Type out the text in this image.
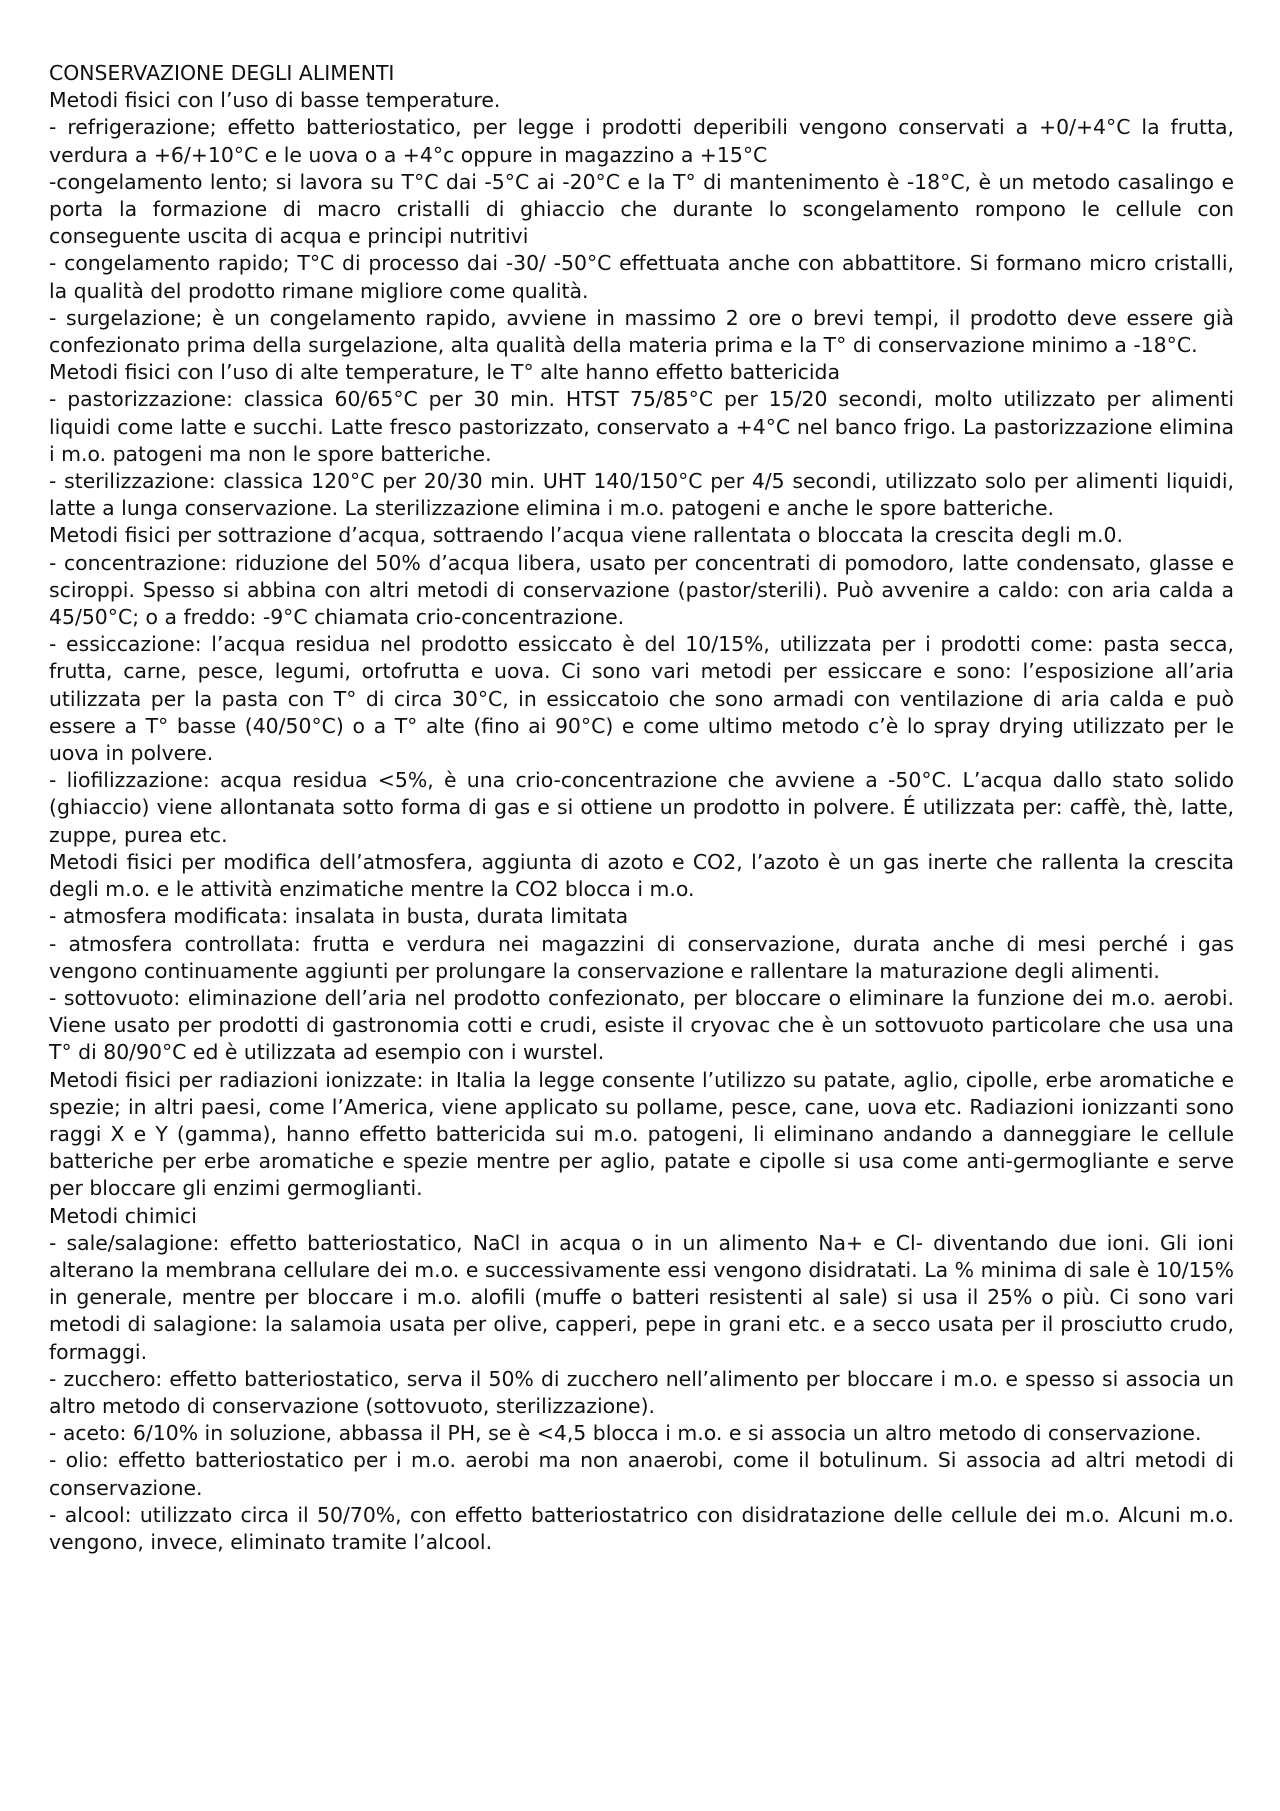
CONSERVAZIONE DEGLI ALIMENTI

Metodi fisici con l’uso di basse temperature.

- refrigerazione; effetto batteriostatico, per legge i prodotti deperibili vengono conservati a +0/+4°C la frutta, verdura a +6/+10°C e le uova o a +4°c oppure in magazzino a +15°C

-congelamento lento; si lavora su T°C dai -5°C ai -20°C e la T° di mantenimento è -18°C, è un metodo casalingo e porta la formazione di macro cristalli di ghiaccio che durante lo scongelamento rompono le cellule con conseguente uscita di acqua e principi nutritivi

- congelamento rapido; T°C di processo dai -30/ -50°C effettuata anche con abbattitore. Si formano micro cristalli, la qualità del prodotto rimane migliore come qualità.

- surgelazione; è un congelamento rapido, avviene in massimo 2 ore o brevi tempi, il prodotto deve essere già confezionato prima della surgelazione, alta qualità della materia prima e la T° di conservazione minimo a -18°C.

Metodi fisici con l’uso di alte temperature, le T° alte hanno effetto battericida

- pastorizzazione: classica 60/65°C per 30 min. HTST 75/85°C per 15/20 secondi, molto utilizzato per alimenti liquidi come latte e succhi. Latte fresco pastorizzato, conservato a +4°C nel banco frigo. La pastorizzazione elimina i m.o. patogeni ma non le spore batteriche.

- sterilizzazione: classica 120°C per 20/30 min. UHT 140/150°C per 4/5 secondi, utilizzato solo per alimenti liquidi, latte a lunga conservazione. La sterilizzazione elimina i m.o. patogeni e anche le spore batteriche.

Metodi fisici per sottrazione d’acqua, sottraendo l’acqua viene rallentata o bloccata la crescita degli m.0.

- concentrazione: riduzione del 50% d’acqua libera, usato per concentrati di pomodoro, latte condensato, glasse e sciroppi. Spesso si abbina con altri metodi di conservazione (pastor/sterili). Può avvenire a caldo: con aria calda a 45/50°C; o a freddo: -9°C chiamata crio-concentrazione.

- essiccazione: l’acqua residua nel prodotto essiccato è del 10/15%, utilizzata per i prodotti come: pasta secca, frutta, carne, pesce, legumi, ortofrutta e uova. Ci sono vari metodi per essiccare e sono: l’esposizione all’aria utilizzata per la pasta con T° di circa 30°C, in essiccatoio che sono armadi con ventilazione di aria calda e può essere a T° basse (40/50°C) o a T° alte (fino ai 90°C) e come ultimo metodo c’è lo spray drying utilizzato per le uova in polvere.

- liofilizzazione: acqua residua <5%, è una crio-concentrazione che avviene a -50°C. L’acqua dallo stato solido (ghiaccio) viene allontanata sotto forma di gas e si ottiene un prodotto in polvere. É utilizzata per: caffè, thè, latte, zuppe, purea etc.

Metodi fisici per modifica dell’atmosfera, aggiunta di azoto e CO2, l’azoto è un gas inerte che rallenta la crescita degli m.o. e le attività enzimatiche mentre la CO2 blocca i m.o.

- atmosfera modificata: insalata in busta, durata limitata

- atmosfera controllata: frutta e verdura nei magazzini di conservazione, durata anche di mesi perché i gas vengono continuamente aggiunti per prolungare la conservazione e rallentare la maturazione degli alimenti.

- sottovuoto: eliminazione dell’aria nel prodotto confezionato, per bloccare o eliminare la funzione dei m.o. aerobi. Viene usato per prodotti di gastronomia cotti e crudi, esiste il cryovac che è un sottovuoto particolare che usa una T° di 80/90°C ed è utilizzata ad esempio con i wurstel.

Metodi fisici per radiazioni ionizzate: in Italia la legge consente l’utilizzo su patate, aglio, cipolle, erbe aromatiche e spezie; in altri paesi, come l’America, viene applicato su pollame, pesce, cane, uova etc. Radiazioni ionizzanti sono raggi X e Y (gamma), hanno effetto battericida sui m.o. patogeni, li eliminano andando a danneggiare le cellule batteriche per erbe aromatiche e spezie mentre per aglio, patate e cipolle si usa come anti-germogliante e serve per bloccare gli enzimi germoglianti.

Metodi chimici

- sale/salagione: effetto batteriostatico, NaCl in acqua o in un alimento Na+ e Cl- diventando due ioni. Gli ioni alterano la membrana cellulare dei m.o. e successivamente essi vengono disidratati. La % minima di sale è 10/15% in generale, mentre per bloccare i m.o. alofili (muffe o batteri resistenti al sale) si usa il 25% o più. Ci sono vari metodi di salagione: la salamoia usata per olive, capperi, pepe in grani etc. e a secco usata per il prosciutto crudo, formaggi.

- zucchero: effetto batteriostatico, serva il 50% di zucchero nell’alimento per bloccare i m.o. e spesso si associa un altro metodo di conservazione (sottovuoto, sterilizzazione).

- aceto: 6/10% in soluzione, abbassa il PH, se è <4,5 blocca i m.o. e si associa un altro metodo di conservazione.

- olio: effetto batteriostatico per i m.o. aerobi ma non anaerobi, come il botulinum. Si associa ad altri metodi di conservazione.

- alcool: utilizzato circa il 50/70%, con effetto batteriostatrico con disidratazione delle cellule dei m.o. Alcuni m.o. vengono, invece, eliminato tramite l’alcool.
